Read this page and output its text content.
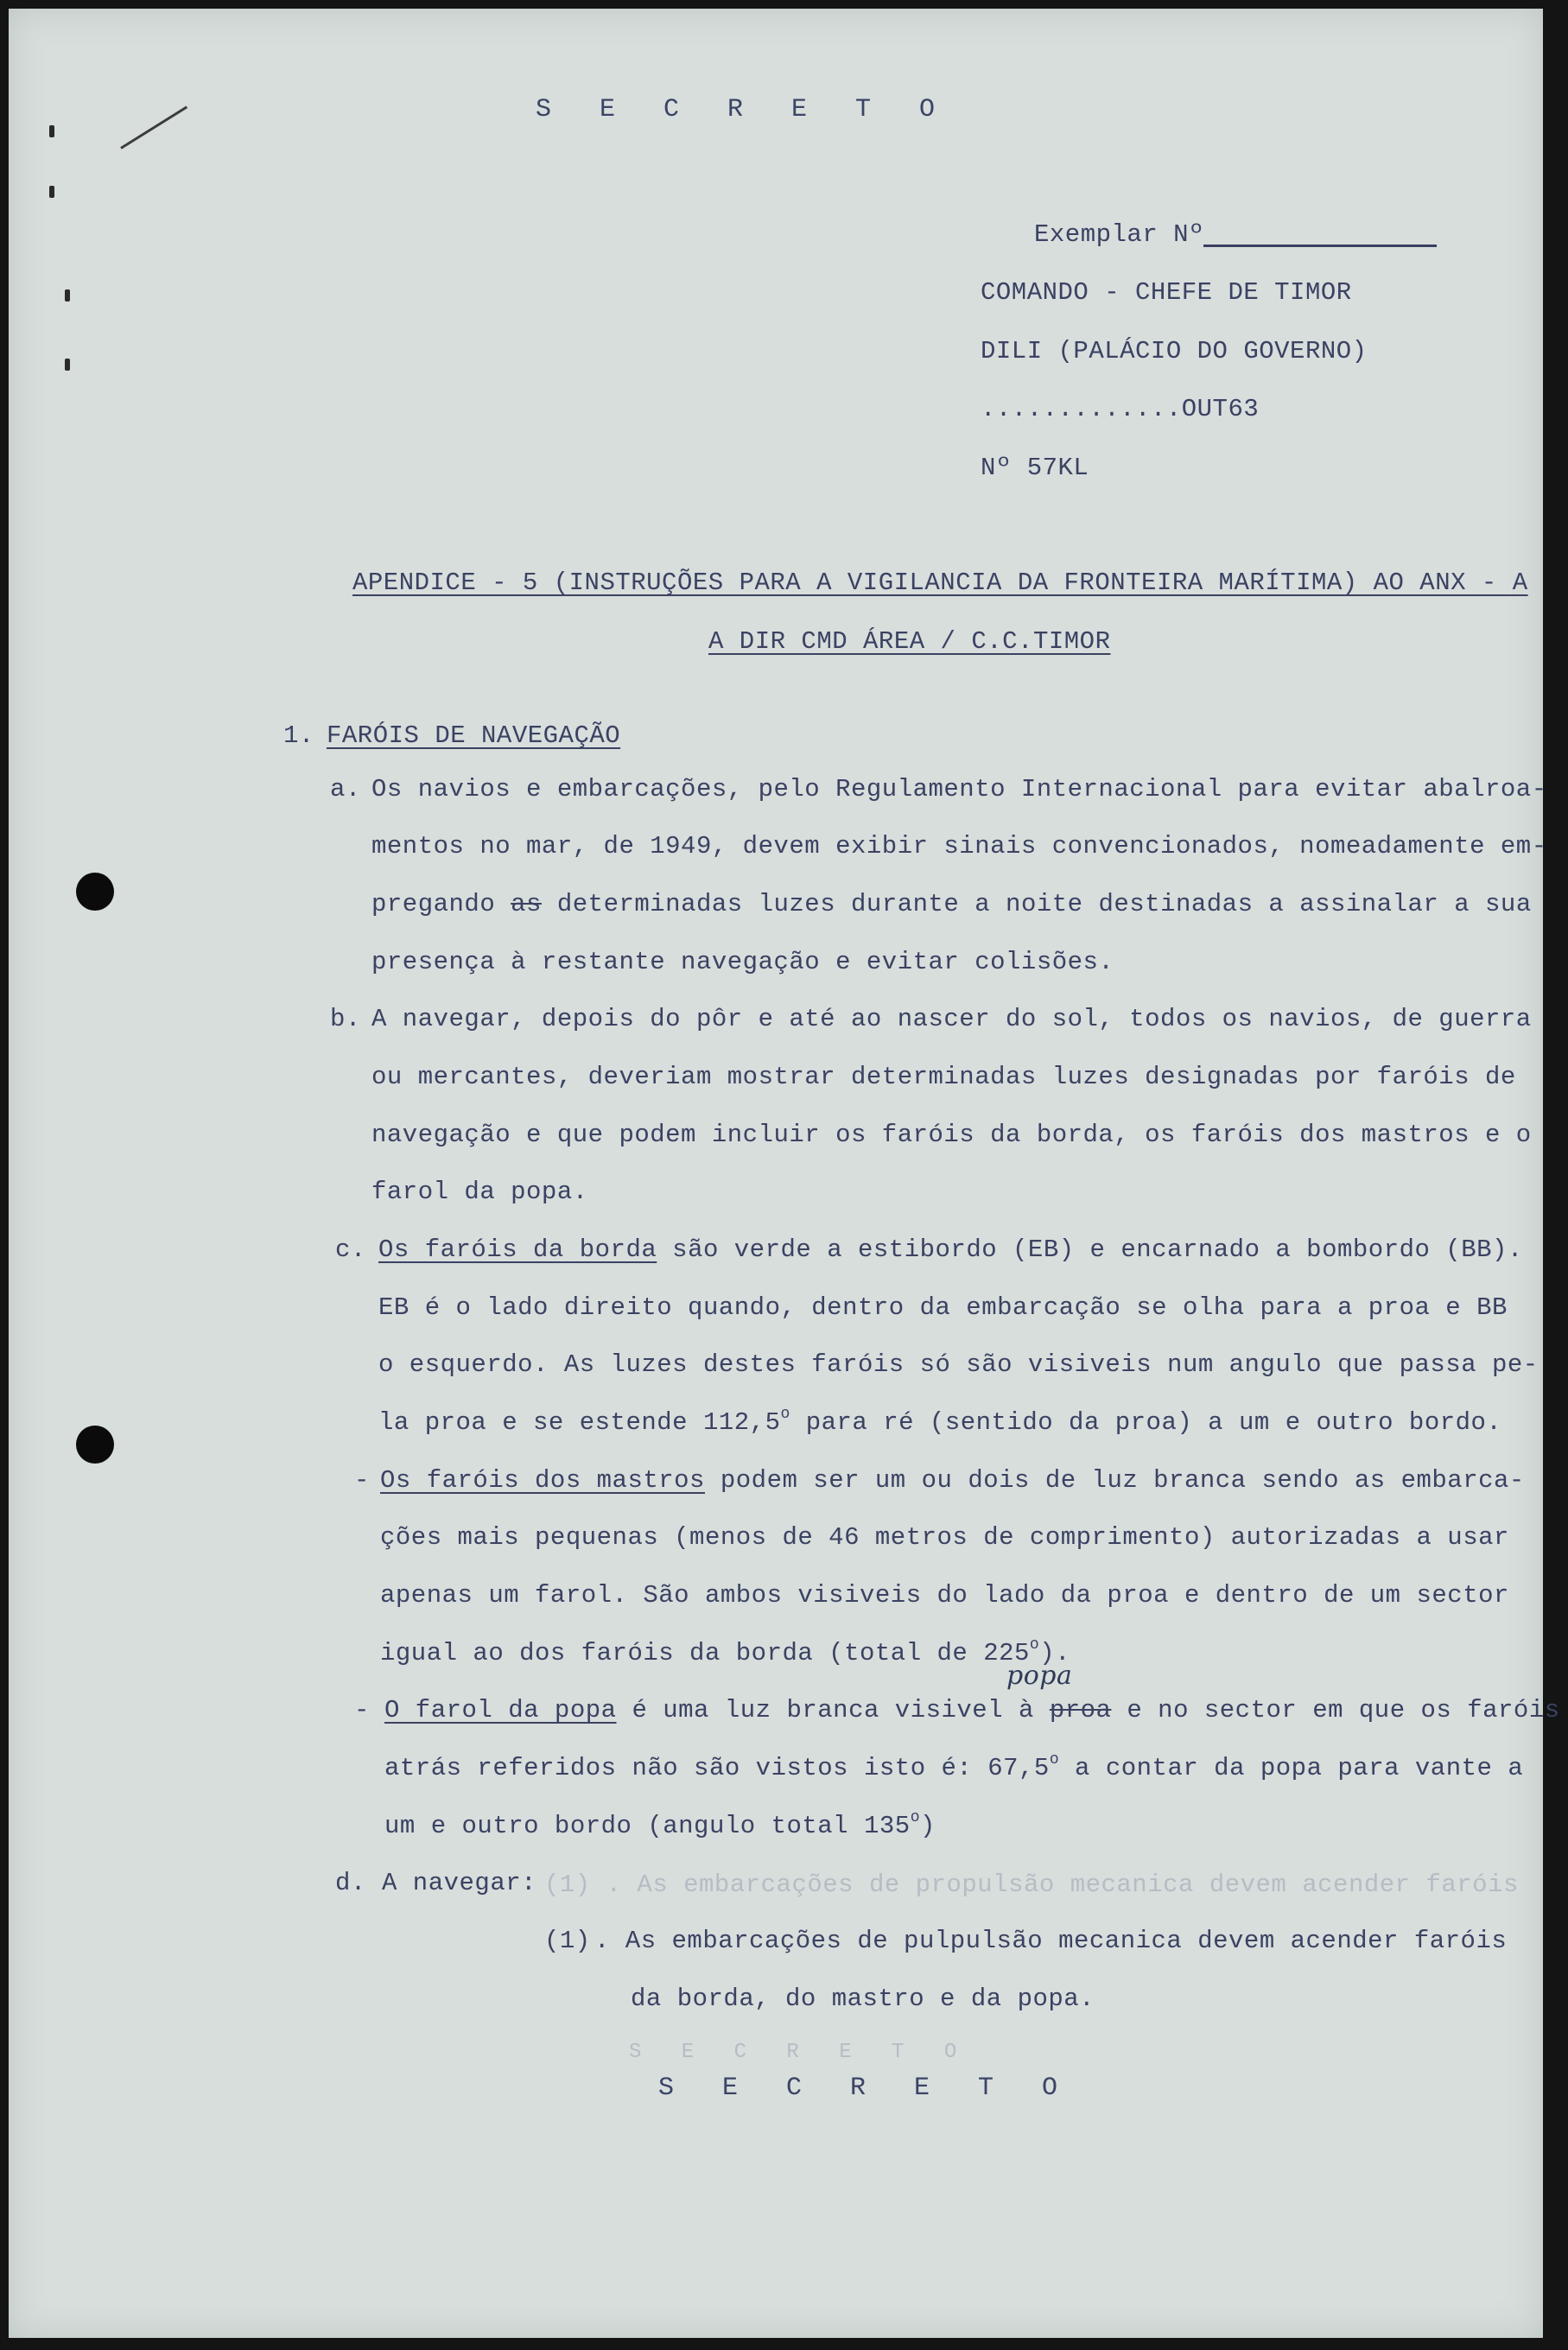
S E C R E T O
Exemplar Nº
COMANDO - CHEFE DE TIMOR
DILI (PALÁCIO DO GOVERNO)
.............OUT63
Nº 57KL
APENDICE - 5 (INSTRUÇÕES PARA A VIGILANCIA DA FRONTEIRA MARÍTIMA) AO ANX - A
A DIR CMD ÁREA / C.C.TIMOR
1. FARÓIS DE NAVEGAÇÃO
a. Os navios e embarcações, pelo Regulamento Internacional para evitar abalroa-
mentos no mar, de 1949, devem exibir sinais convencionados, nomeadamente em-
pregando as determinadas luzes durante a noite destinadas a assinalar a sua
presença à restante navegação e evitar colisões.
b. A navegar, depois do pôr e até ao nascer do sol, todos os navios, de guerra
ou mercantes, deveriam mostrar determinadas luzes designadas por faróis de
navegação e que podem incluir os faróis da borda, os faróis dos mastros e o
farol da popa.
c. Os faróis da borda são verde a estibordo (EB) e encarnado a bombordo (BB).
EB é o lado direito quando, dentro da embarcação se olha para a proa e BB
o esquerdo. As luzes destes faróis só são visiveis num angulo que passa pe-
la proa e se estende 112,5$^o$ para ré (sentido da proa) a um e outro bordo.
- Os faróis dos mastros podem ser um ou dois de luz branca sendo as embarca-
ções mais pequenas (menos de 46 metros de comprimento) autorizadas a usar
apenas um farol. São ambos visiveis do lado da proa e dentro de um sector
igual ao dos faróis da borda (total de 225$^o$).
popa
- O farol da popa é uma luz branca visivel à proa e no sector em que os faróis
atrás referidos não são vistos isto é: 67,5$^o$ a contar da popa para vante a
um e outro bordo (angulo total 135$^o$)
d. A navegar: (1) . As embarcações de propulsão mecanica devem acender faróis
(1) . As embarcações de pulpulsão mecanica devem acender faróis
da borda, do mastro e da popa.
S E C R E T O
S E C R E T O
